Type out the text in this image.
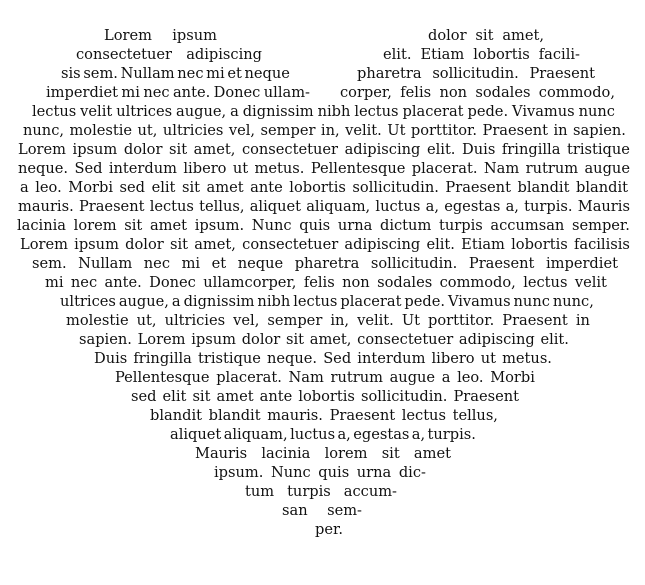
Lorem ipsum	dolor sit amet,
consectetuer adipiscing	elit. Etiam lobortis facili-
sis sem. Nullam nec mi et neque	pharetra sollicitudin. Praesent
imperdiet mi nec ante. Donec ullam- corper, felis non sodales commodo,
lectus velit ultrices augue, a dignissim nibh lectus placerat pede. Vivamus nunc
nunc, molestie ut, ultricies vel, semper in, velit. Ut porttitor. Praesent in sapien.
Lorem ipsum dolor sit amet, consectetuer adipiscing elit. Duis fringilla tristique
neque. Sed interdum libero ut metus. Pellentesque placerat. Nam rutrum augue
a leo. Morbi sed elit sit amet ante lobortis sollicitudin. Praesent blandit blandit
mauris. Praesent lectus tellus, aliquet aliquam, luctus a, egestas a, turpis. Mauris
lacinia lorem sit amet ipsum. Nunc quis urna dictum turpis accumsan semper.
Lorem ipsum dolor sit amet, consectetuer adipiscing elit. Etiam lobortis facilisis
sem. Nullam nec mi et neque pharetra sollicitudin. Praesent imperdiet
mi nec ante. Donec ullamcorper, felis non sodales commodo, lectus velit
ultrices augue, a dignissim nibh lectus placerat pede. Vivamus nunc nunc,
molestie ut, ultricies vel, semper in, velit. Ut porttitor. Praesent in
sapien. Lorem ipsum dolor sit amet, consectetuer adipiscing elit.
Duis fringilla tristique neque. Sed interdum libero ut metus.
Pellentesque placerat. Nam rutrum augue a leo. Morbi
sed elit sit amet ante lobortis sollicitudin. Praesent
blandit blandit mauris. Praesent lectus tellus,
aliquet aliquam, luctus a, egestas a, turpis.
Mauris lacinia lorem sit amet
ipsum. Nunc quis urna dic-
tum turpis accum-
san sem-
per.
